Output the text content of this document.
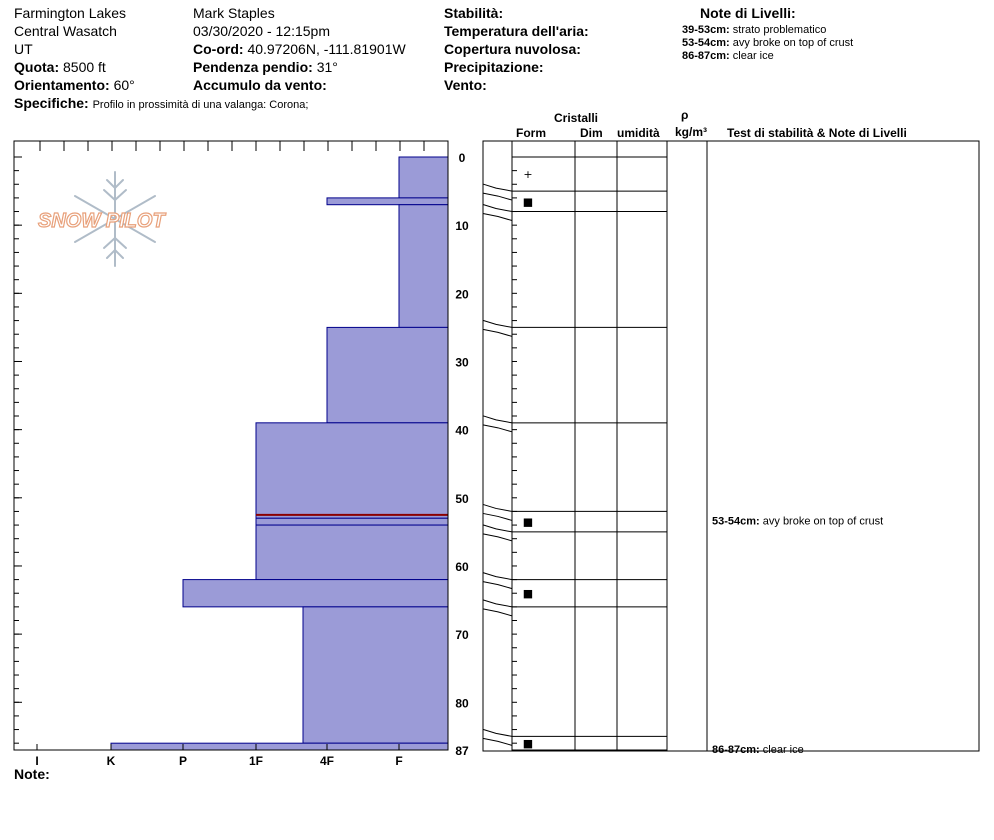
Farmington Lakes
Central Wasatch
UT
Quota: 8500 ft
Orientamento: 60°
Specifiche: Profilo in prossimità di una valanga: Corona;
Mark Staples
03/30/2020 - 12:15pm
Co-ord: 40.97206N, -111.81901W
Pendenza pendio: 31°
Accumulo da vento:
Stabilità:
Temperatura dell'aria:
Copertura nuvolosa:
Precipitazione:
Vento:
Note di Livelli:
39-53cm: strato problematico
53-54cm: avy broke on top of crust
86-87cm: clear ice
Cristalli
Form	Dim umidità
ρ
kg/m³ Test di stabilità & Note di Livelli
SNOW PILOT
I	K	P	1F	4F	F
0
10
20
30
40
50
60
70
80
87
+
■
■
■
■
53-54cm: avy broke on top of crust
86-87cm: clear ice
Note:
